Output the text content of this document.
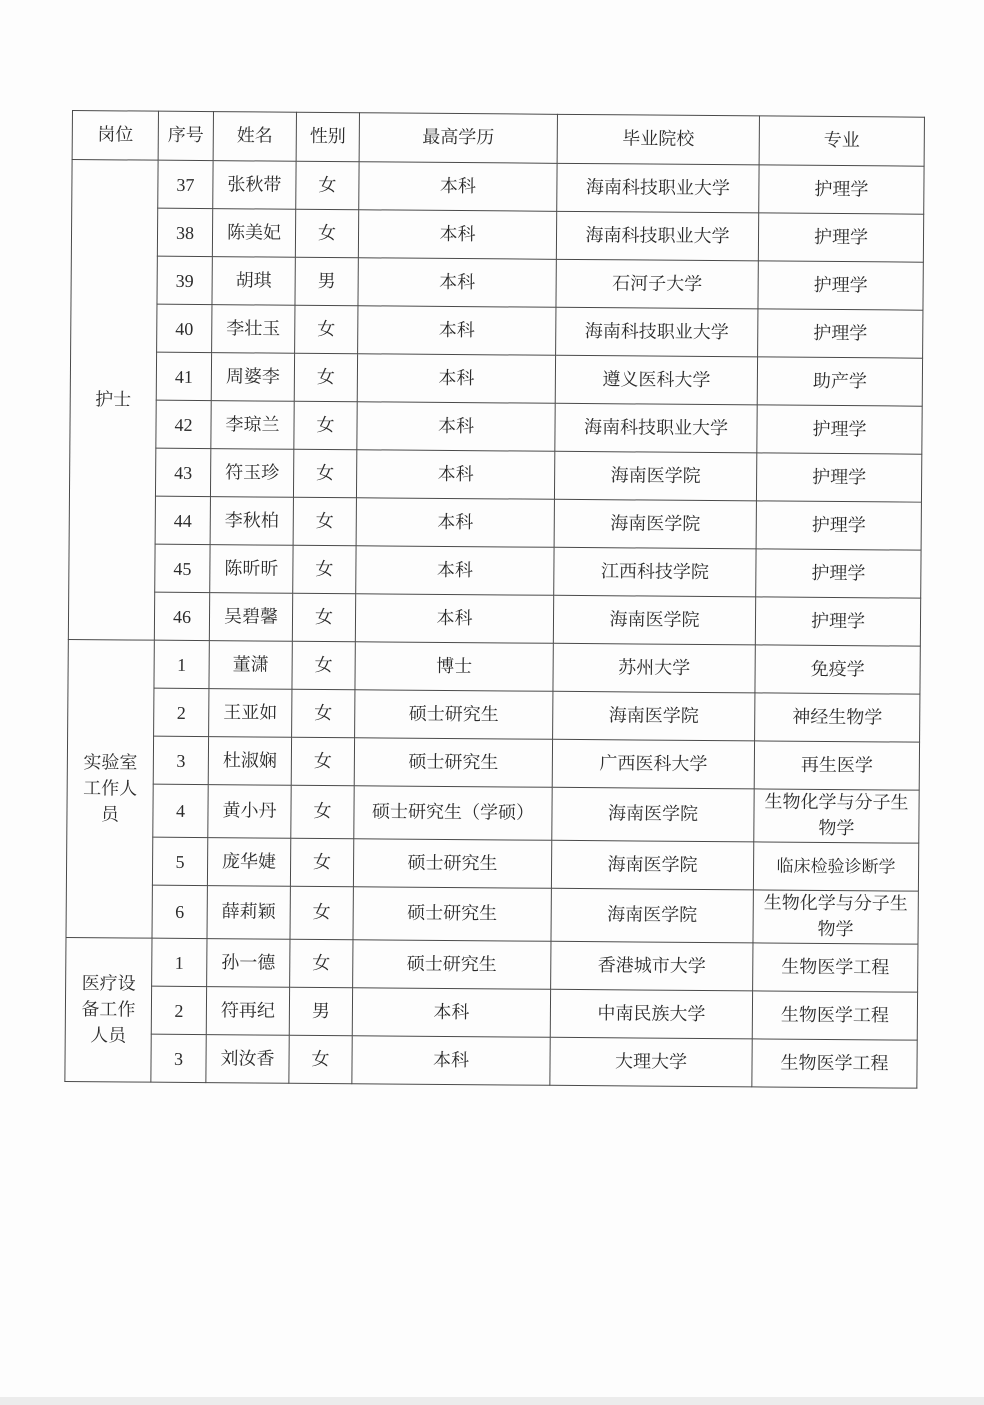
岗位	序号	姓名	性别	最高学历	毕业院校	专业
护士	37	张秋带	女	本科	海南科技职业大学	护理学
	38	陈美妃	女	本科	海南科技职业大学	护理学
	39	胡琪	男	本科	石河子大学	护理学
	40	李壮玉	女	本科	海南科技职业大学	护理学
	41	周婆李	女	本科	遵义医科大学	助产学
	42	李琼兰	女	本科	海南科技职业大学	护理学
	43	符玉珍	女	本科	海南医学院	护理学
	44	李秋柏	女	本科	海南医学院	护理学
	45	陈昕昕	女	本科	江西科技学院	护理学
	46	吴碧馨	女	本科	海南医学院	护理学
实验室工作人员	1	董潇	女	博士	苏州大学	免疫学
	2	王亚如	女	硕士研究生	海南医学院	神经生物学
	3	杜淑娴	女	硕士研究生	广西医科大学	再生医学
	4	黄小丹	女	硕士研究生（学硕）	海南医学院	生物化学与分子生物学
	5	庞华婕	女	硕士研究生	海南医学院	临床检验诊断学
	6	薛莉颖	女	硕士研究生	海南医学院	生物化学与分子生物学
医疗设备工作人员	1	孙一德	女	硕士研究生	香港城市大学	生物医学工程
	2	符再纪	男	本科	中南民族大学	生物医学工程
	3	刘汝香	女	本科	大理大学	生物医学工程
